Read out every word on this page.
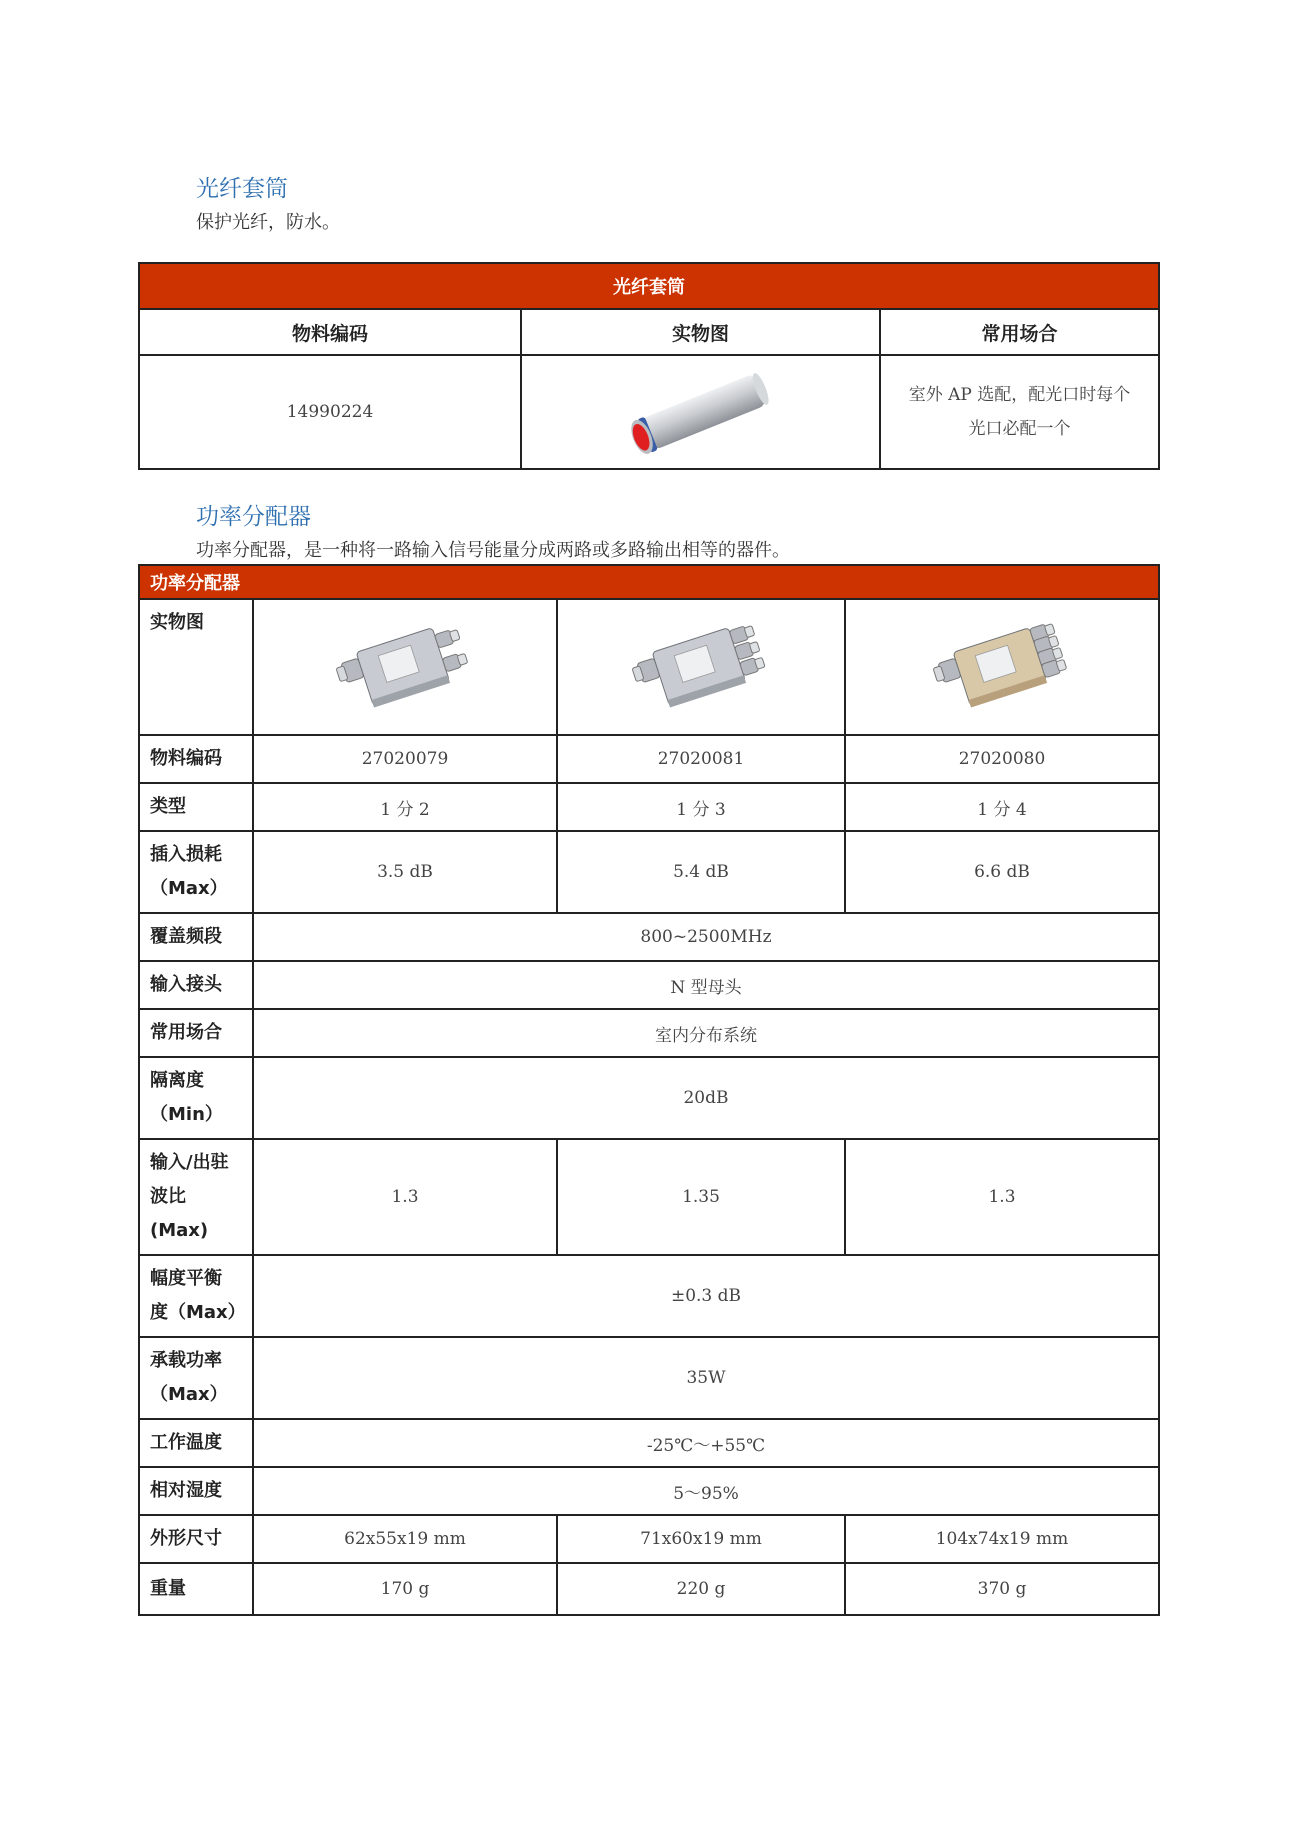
光纤套筒

保护光纤，防水。

光纤套筒		
物料编码	实物图	常用场合
14990224		室外 AP 选配，配光口时每个
光口必配一个
功率分配器

功率分配器，是一种将一路输入信号能量分成两路或多路输出相等的器件。

功率分配器			
实物图	

物料编码	27020079	27020081	27020080
类型	1 分 2	1 分 3	1 分 4

插入损耗
（Max）	3.5 dB	5.4 dB	6.6 dB
覆盖频段	800~2500MHz		
输入接头	N 型母头		
常用场合	室内分布系统		

隔离度
（Min）	20dB		

输入/出驻
波比(Max)	1.3	1.35	1.3

幅度平衡
度（Max）	±0.3 dB		

承载功率
（Max）	35W		
工作温度	-25℃～+55℃		
相对湿度	5～95%		
外形尺寸	62x55x19 mm	71x60x19 mm	104x74x19 mm
重量	170 g	220 g	370 g
